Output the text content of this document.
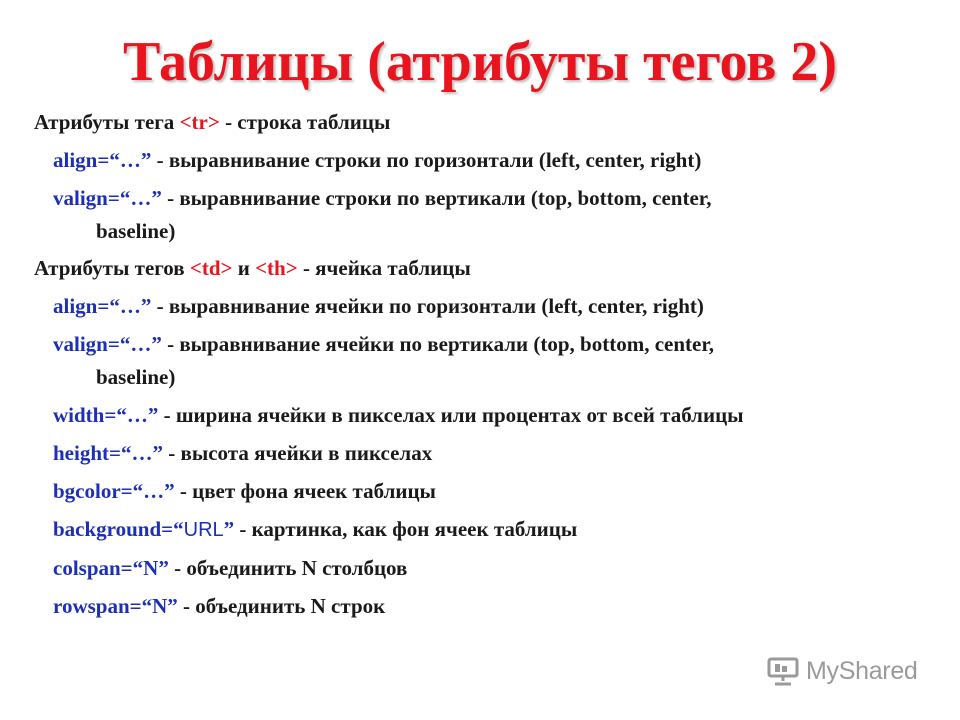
Таблицы (атрибуты тегов 2)
Атрибуты тега <tr> - строка таблицы
align=“…” - выравнивание строки по горизонтали (left, center, right)
valign=“…” - выравнивание строки по вертикали (top, bottom, center,
baseline)
Атрибуты тегов <td> и <th> - ячейка таблицы
align=“…” - выравнивание ячейки по горизонтали (left, center, right)
valign=“…” - выравнивание ячейки по вертикали (top, bottom, center,
baseline)
width=“…” - ширина ячейки в пикселах или процентах от всей таблицы
height=“…” - высота ячейки в пикселах
bgcolor=“…” - цвет фона ячеек таблицы
background=“URL” - картинка, как фон ячеек таблицы
colspan=“N” - объединить N столбцов
rowspan=“N” - объединить N строк
MyShared
